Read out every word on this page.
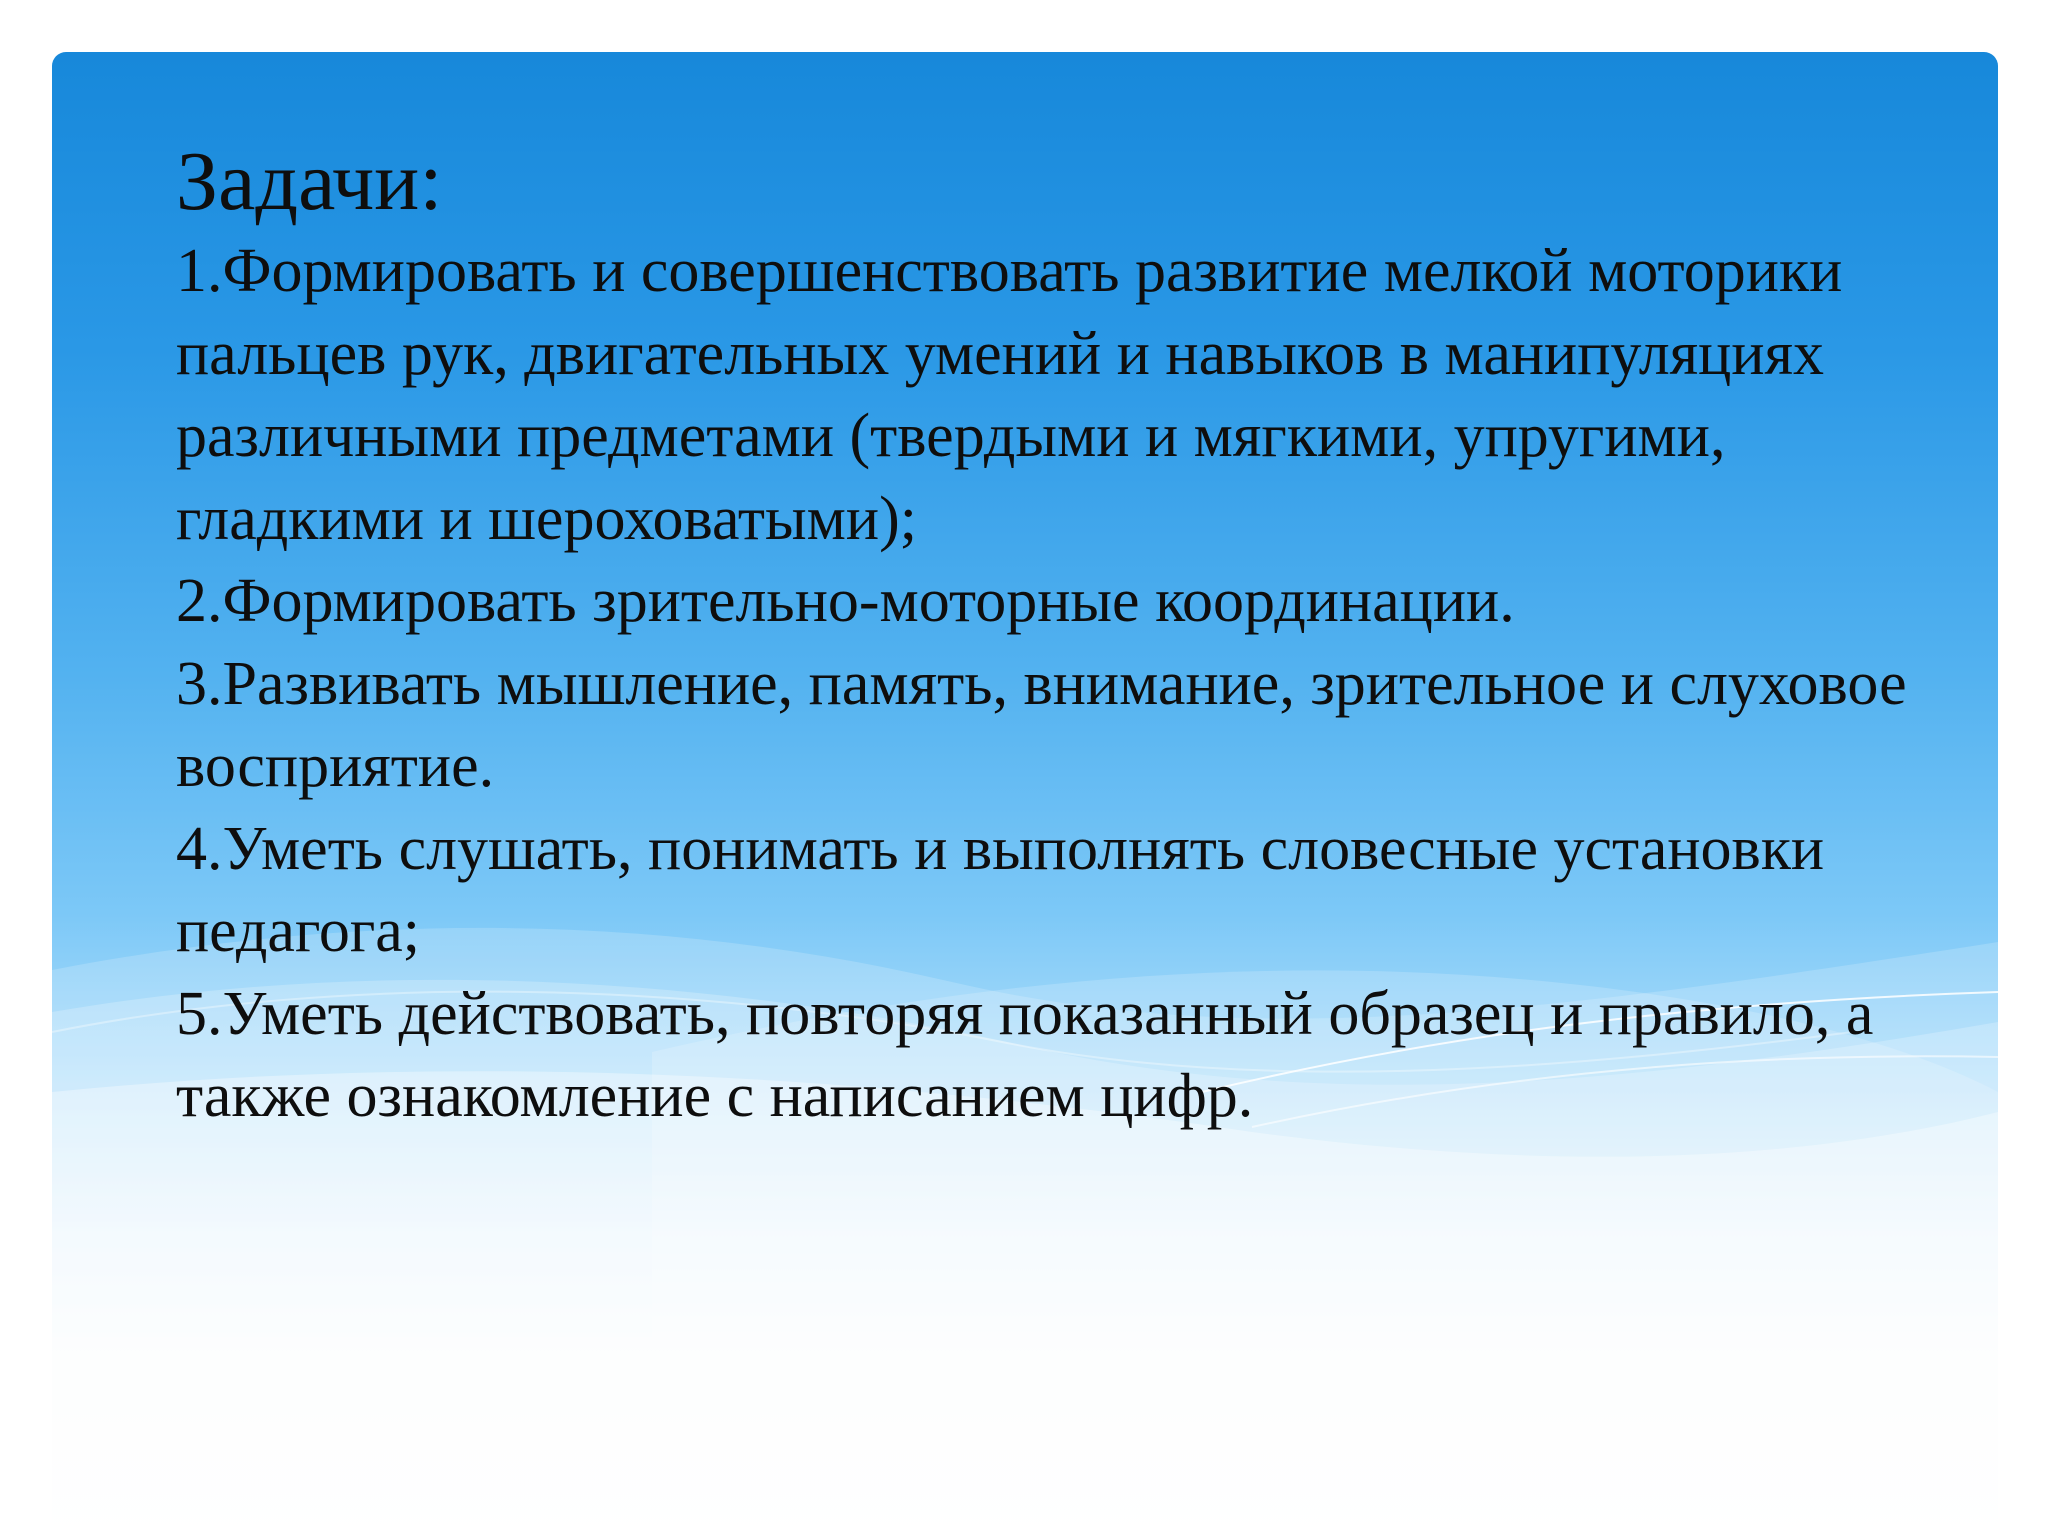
Задачи:
1.Формировать и совершенствовать развитие мелкой моторики пальцев рук, двигательных умений и навыков в манипуляциях различными предметами (твердыми и мягкими, упругими, гладкими и шероховатыми);
2.Формировать зрительно-моторные координации.
3.Развивать мышление, память, внимание, зрительное и слуховое восприятие.
4.Уметь слушать, понимать и выполнять словесные установки педагога;
5.Уметь действовать, повторяя показанный образец и правило, а также ознакомление с написанием цифр.
